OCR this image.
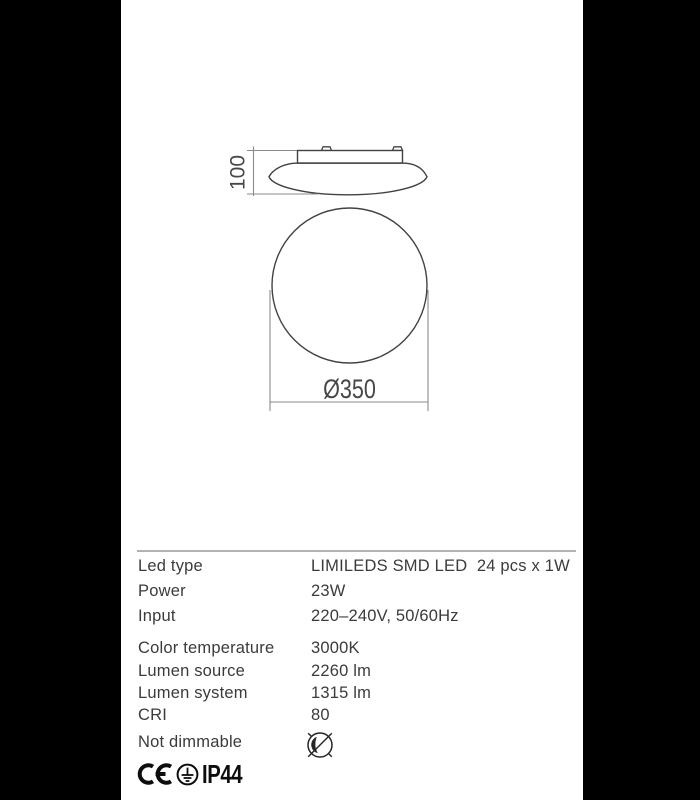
100
Ø350
Led type	LIMILEDS SMD LED  24 pcs x 1W
Power	23W
Input	220–240V, 50/60Hz
Color temperature 3000K
Lumen source	2260 lm
Lumen system	1315 lm
CRI	80
Not dimmable
IP44
